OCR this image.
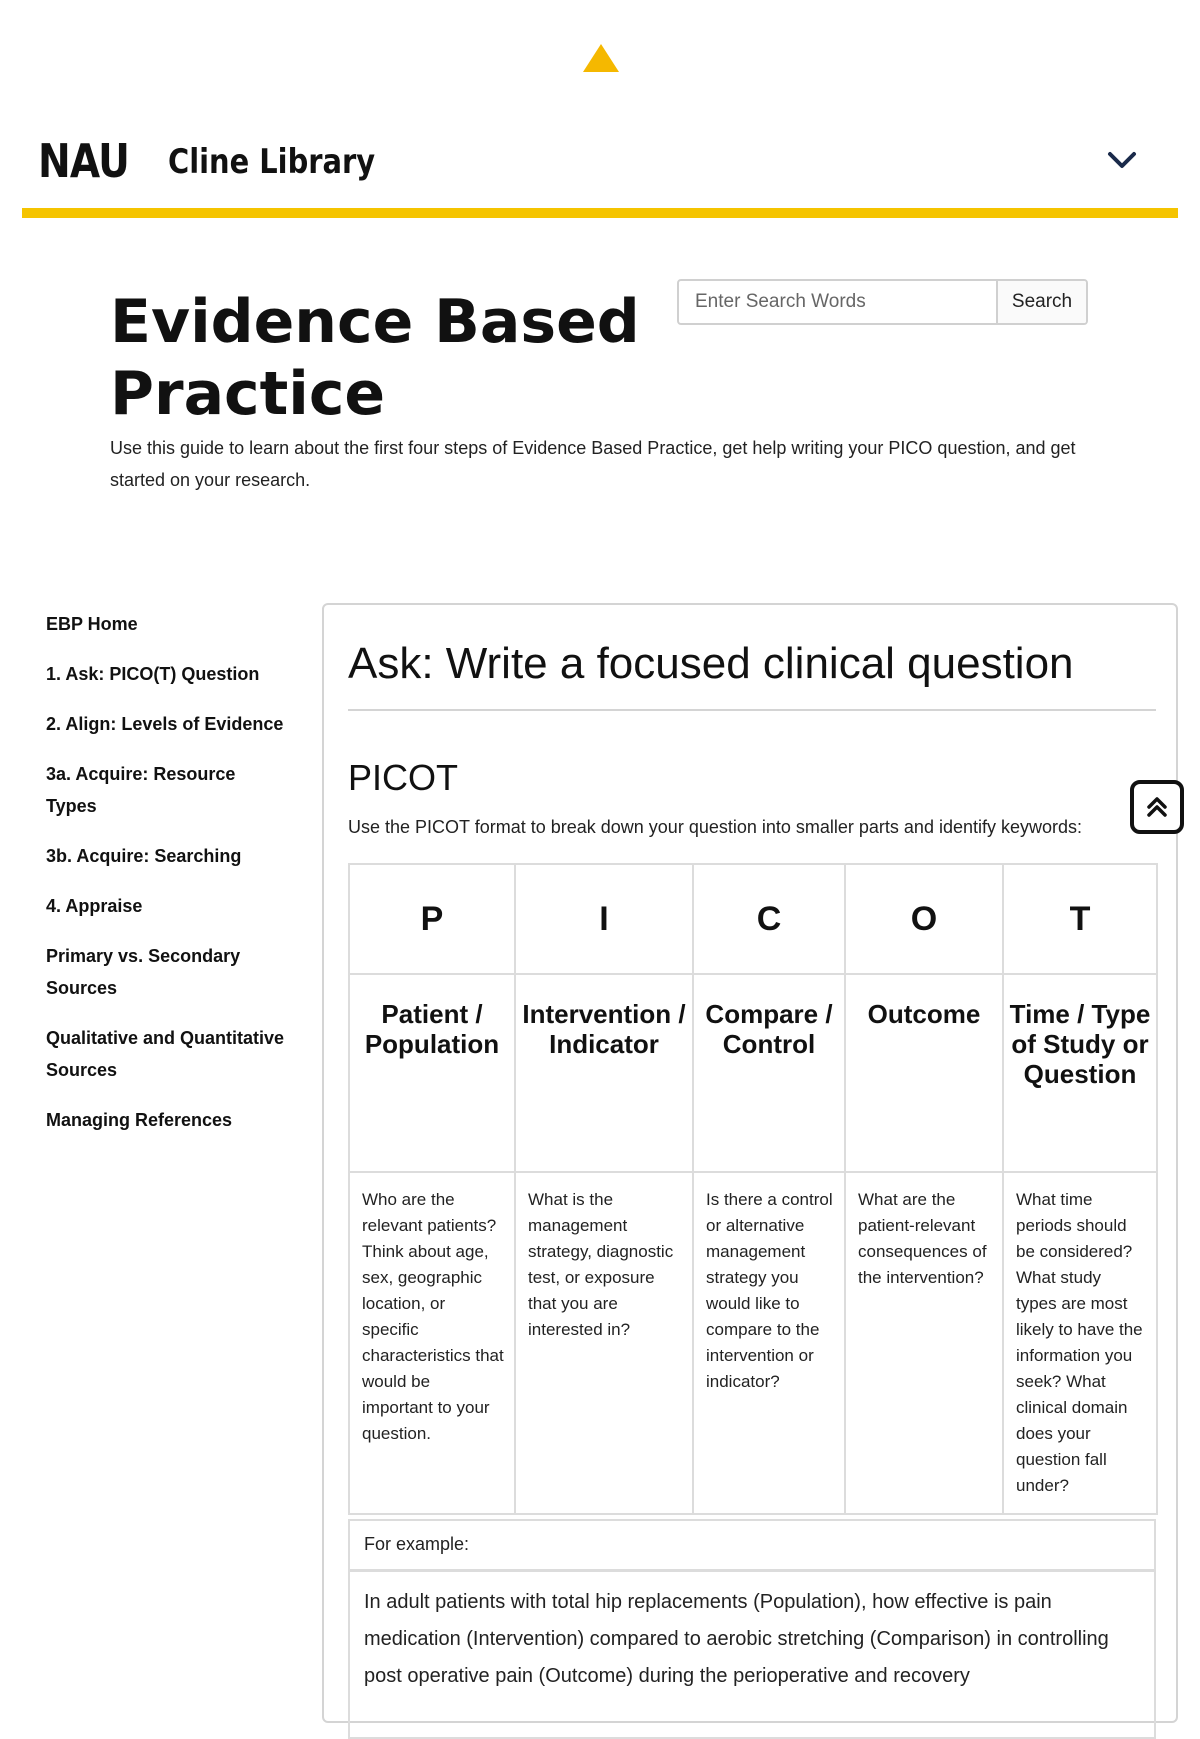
NAU Cline Library
Evidence Based Practice
Enter Search Words
Search

Use this guide to learn about the first four steps of Evidence Based Practice, get help writing your PICO question, and get started on your research.

EBP Home
1. Ask: PICO(T) Question
2. Align: Levels of Evidence
3a. Acquire: Resource Types
3b. Acquire: Searching
4. Appraise
Primary vs. Secondary Sources
Qualitative and Quantitative Sources
Managing References
Ask: Write a focused clinical question
PICOT

Use the PICOT format to break down your question into smaller parts and identify keywords:

P	I	C	O	T
Patient / Population	Intervention / Indicator	Compare / Control	Outcome	Time / Type of Study or Question
Who are the relevant patients? Think about age, sex, geographic location, or specific characteristics that would be important to your question.	What is the management strategy, diagnostic test, or exposure that you are interested in?	Is there a control or alternative management strategy you would like to compare to the intervention or indicator?	What are the patient-relevant consequences of the intervention?	What time periods should be considered? What study types are most likely to have the information you seek? What clinical domain does your question fall under?
For example:

In adult patients with total hip replacements (Population), how effective is pain medication (Intervention) compared to aerobic stretching (Comparison) in controlling post operative pain (Outcome) during the perioperative and recovery
